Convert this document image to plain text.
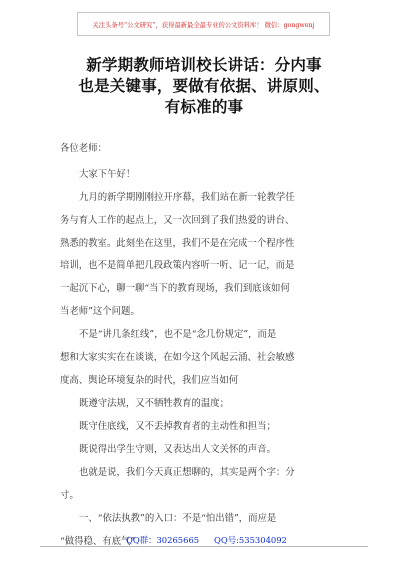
关注头条号“公文研究”，获得最新最全最专业的公文资料库！ 微信：gongwenj
新学期教师培训校长讲话：分内事
也是关键事，要做有依据、讲原则、
有标准的事
各位老师：
大家下午好！
九月的新学期刚刚拉开序幕，我们站在新一轮教学任
务与育人工作的起点上，又一次回到了我们热爱的讲台、
熟悉的教室。此刻坐在这里，我们不是在完成一个程序性
培训，也不是简单把几段政策内容听一听、记一记，而是
一起沉下心，聊一聊“当下的教育现场，我们到底该如何
当老师”这个问题。
不是“讲几条红线”，也不是“念几份规定”，而是
想和大家实实在在谈谈，在如今这个风起云涌、社会敏感
度高、舆论环境复杂的时代，我们应当如何
既遵守法规，又不牺牲教育的温度；
既守住底线，又不丢掉教育者的主动性和担当；
既说得出学生守则，又表达出人文关怀的声音。
也就是说，我们今天真正想聊的，其实是两个字：分
寸。
一、“依法执教”的入口：不是“怕出错”，而应是
“做得稳、有底气”
QQ群：30265665 QQ号:535304092
